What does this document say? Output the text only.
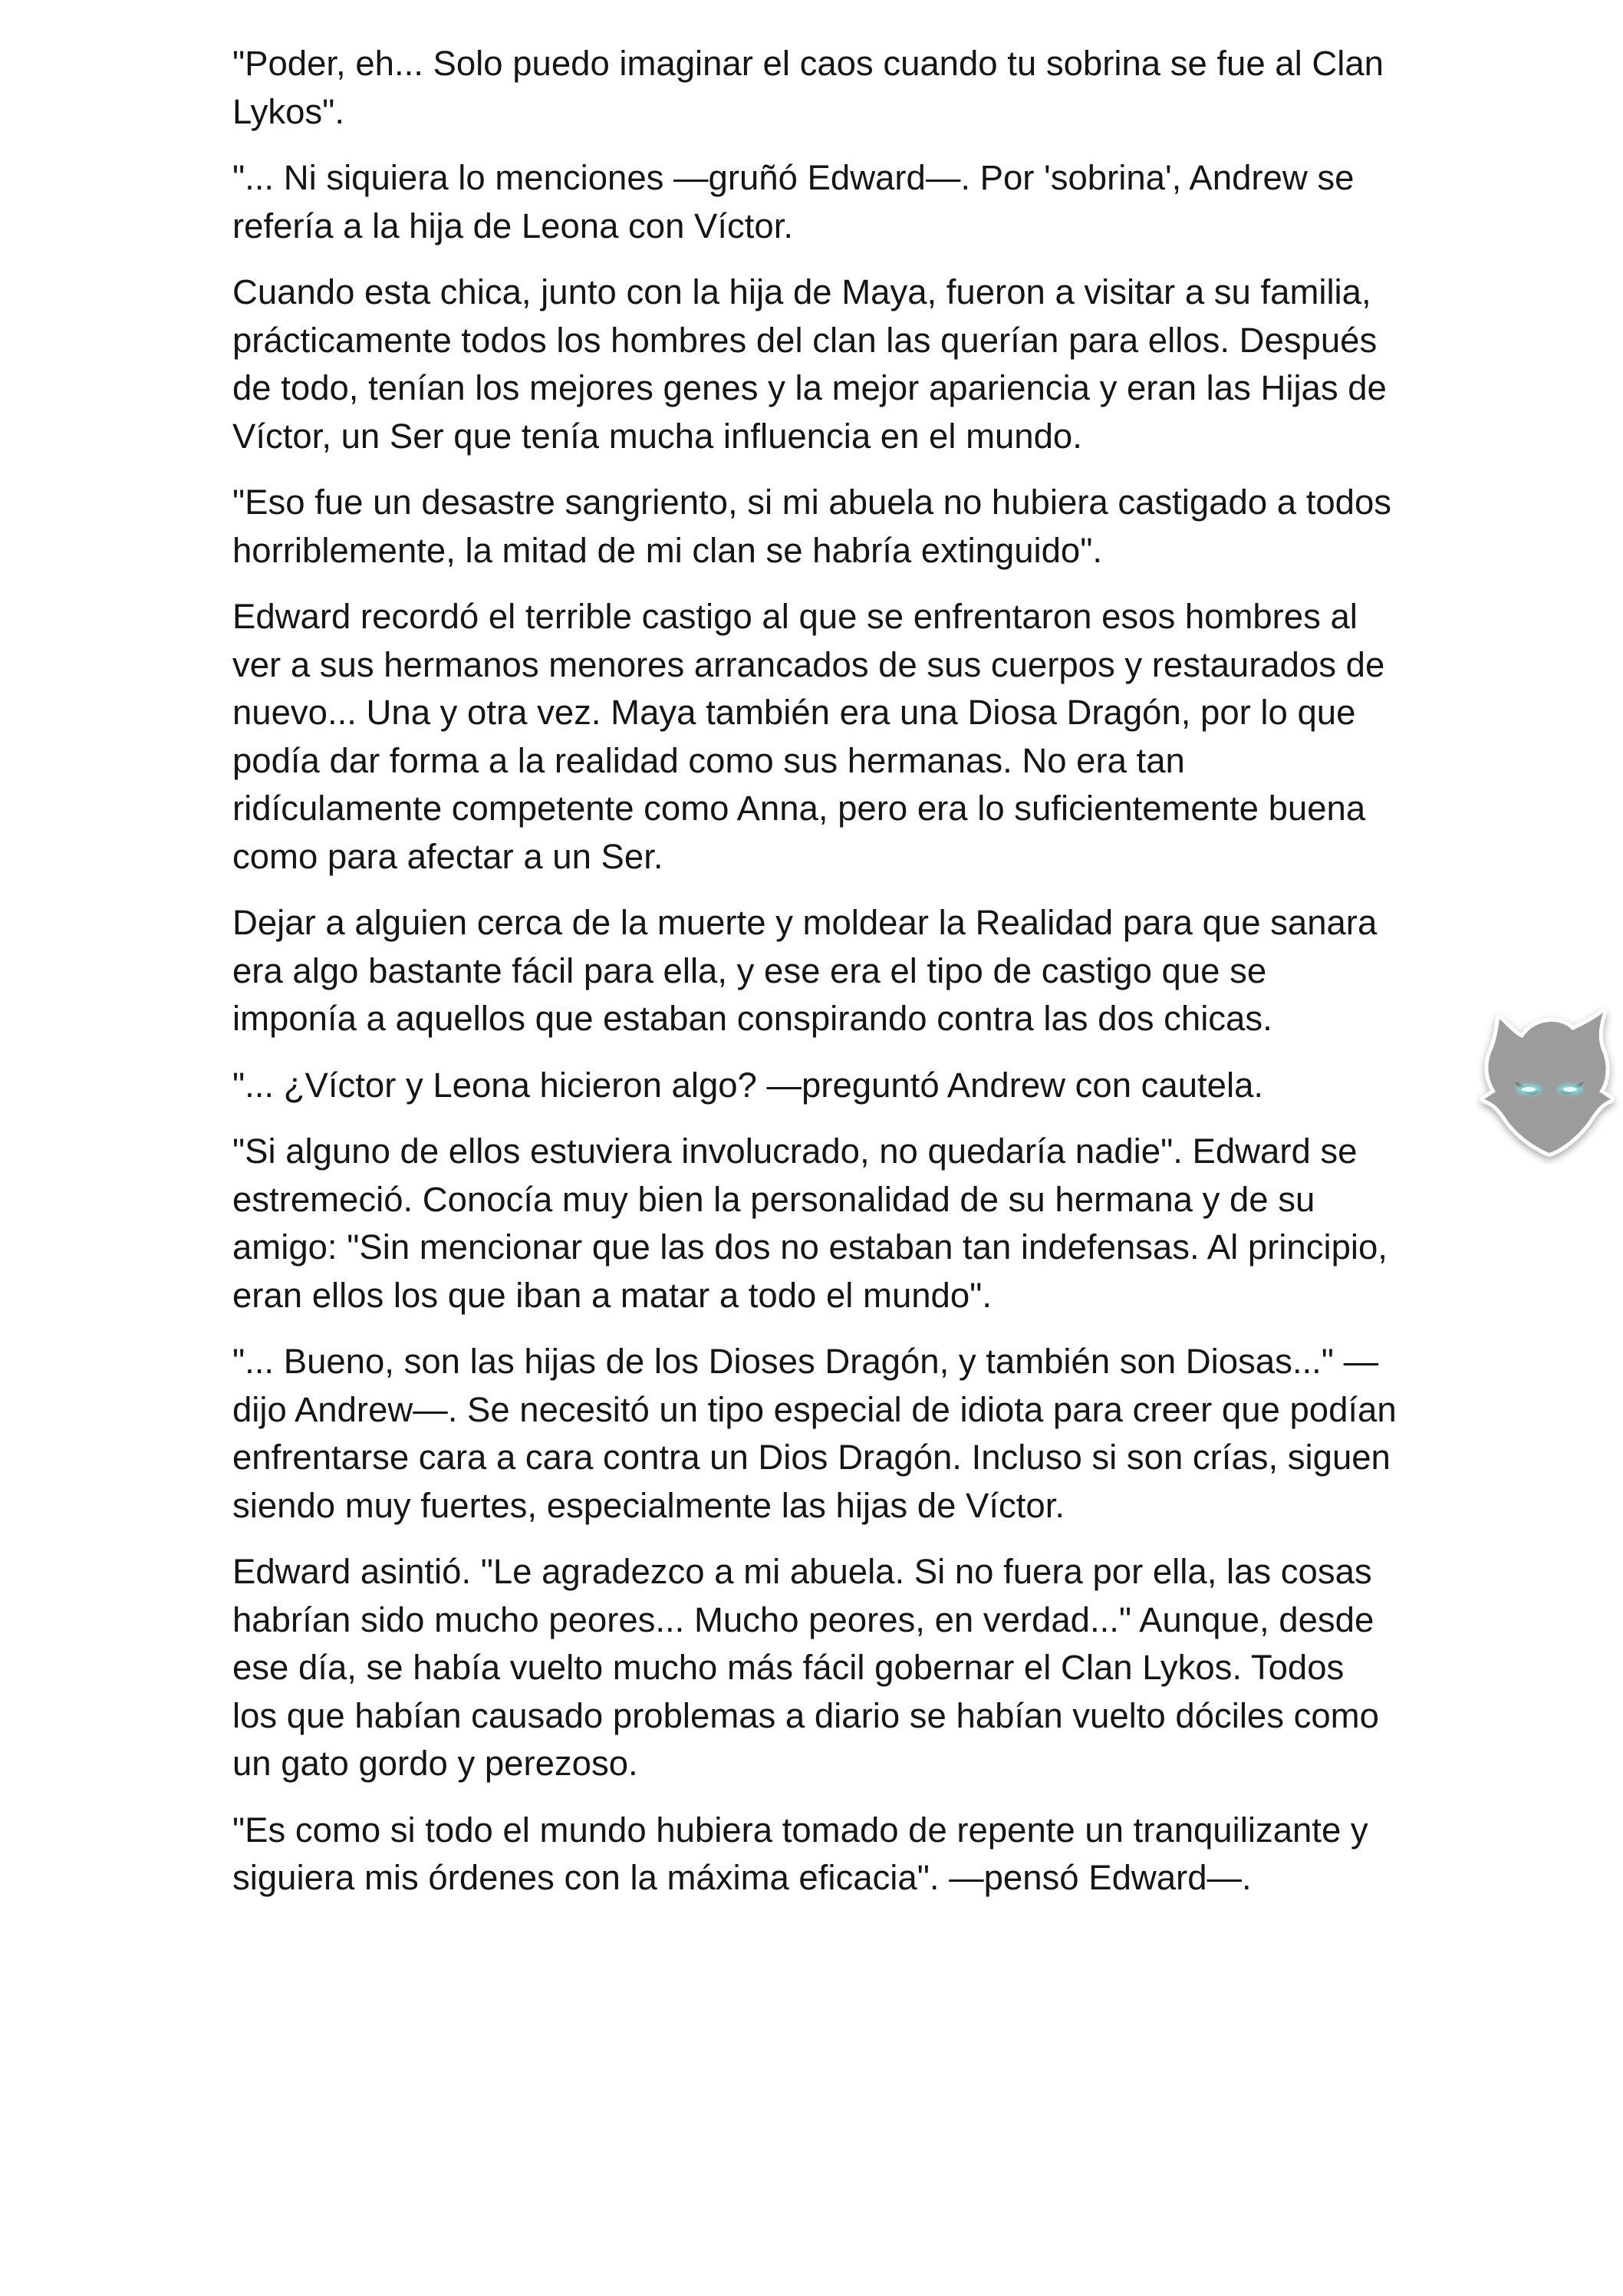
"Poder, eh... Solo puedo imaginar el caos cuando tu sobrina se fue al Clan Lykos".

"... Ni siquiera lo menciones —gruñó Edward—. Por 'sobrina', Andrew se refería a la hija de Leona con Víctor.

Cuando esta chica, junto con la hija de Maya, fueron a visitar a su familia, prácticamente todos los hombres del clan las querían para ellos. Después de todo, tenían los mejores genes y la mejor apariencia y eran las Hijas de Víctor, un Ser que tenía mucha influencia en el mundo.

"Eso fue un desastre sangriento, si mi abuela no hubiera castigado a todos horriblemente, la mitad de mi clan se habría extinguido".

Edward recordó el terrible castigo al que se enfrentaron esos hombres al ver a sus hermanos menores arrancados de sus cuerpos y restaurados de nuevo... Una y otra vez. Maya también era una Diosa Dragón, por lo que podía dar forma a la realidad como sus hermanas. No era tan ridículamente competente como Anna, pero era lo suficientemente buena como para afectar a un Ser.

Dejar a alguien cerca de la muerte y moldear la Realidad para que sanara era algo bastante fácil para ella, y ese era el tipo de castigo que se imponía a aquellos que estaban conspirando contra las dos chicas.

"... ¿Víctor y Leona hicieron algo? —preguntó Andrew con cautela.

"Si alguno de ellos estuviera involucrado, no quedaría nadie". Edward se estremeció. Conocía muy bien la personalidad de su hermana y de su amigo: "Sin mencionar que las dos no estaban tan indefensas. Al principio, eran ellos los que iban a matar a todo el mundo".

"... Bueno, son las hijas de los Dioses Dragón, y también son Diosas..." —dijo Andrew—. Se necesitó un tipo especial de idiota para creer que podían enfrentarse cara a cara contra un Dios Dragón. Incluso si son crías, siguen siendo muy fuertes, especialmente las hijas de Víctor.

Edward asintió. "Le agradezco a mi abuela. Si no fuera por ella, las cosas habrían sido mucho peores... Mucho peores, en verdad..." Aunque, desde ese día, se había vuelto mucho más fácil gobernar el Clan Lykos. Todos los que habían causado problemas a diario se habían vuelto dóciles como un gato gordo y perezoso.

"Es como si todo el mundo hubiera tomado de repente un tranquilizante y siguiera mis órdenes con la máxima eficacia". —pensó Edward—.
